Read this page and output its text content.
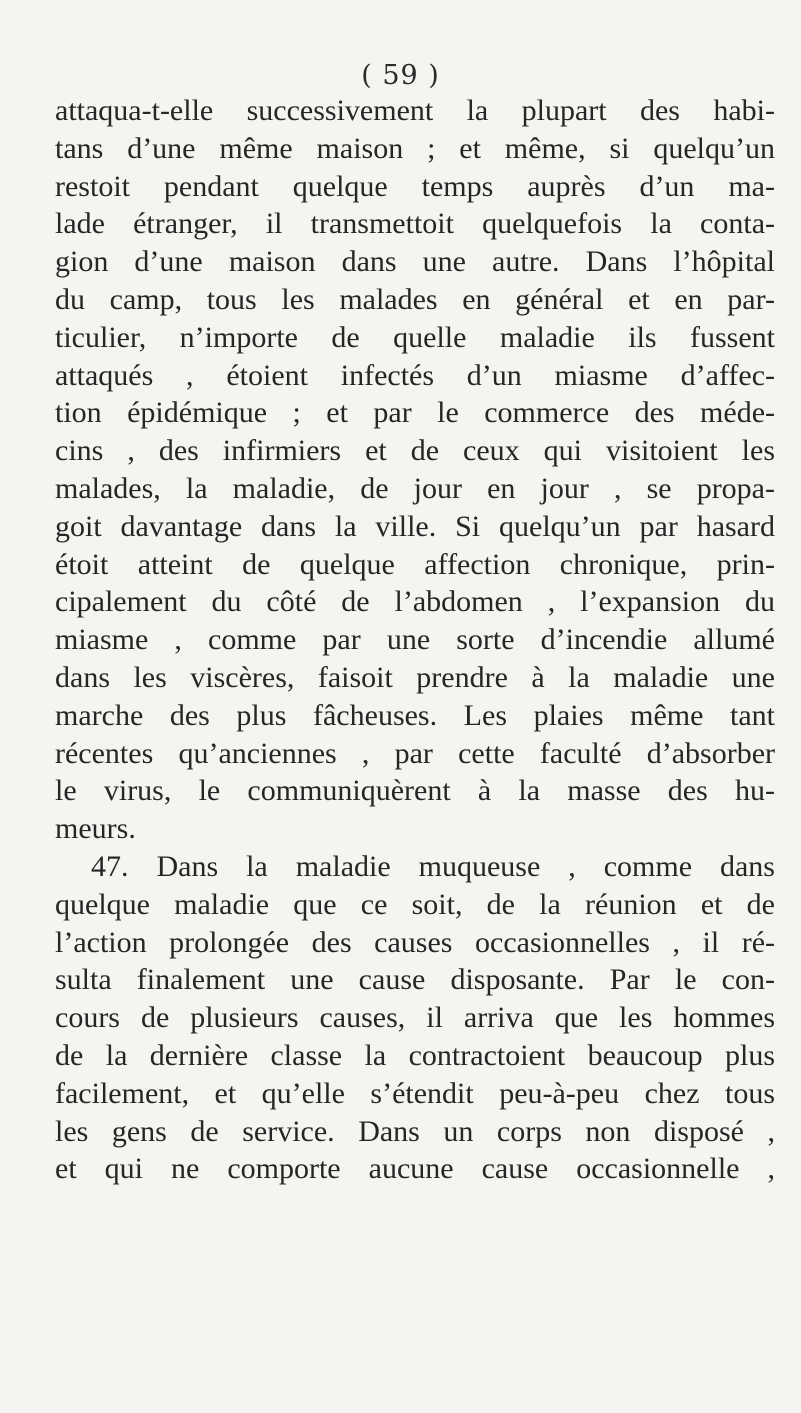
( 59 )
attaqua-t-elle successivement la plupart des habi-
tans d’une même maison ; et même, si quelqu’un
restoit pendant quelque temps auprès d’un ma-
lade étranger, il transmettoit quelquefois la conta-
gion d’une maison dans une autre. Dans l’hôpital
du camp, tous les malades en général et en par-
ticulier, n’importe de quelle maladie ils fussent
attaqués , étoient infectés d’un miasme d’affec-
tion épidémique ; et par le commerce des méde-
cins , des infirmiers et de ceux qui visitoient les
malades, la maladie, de jour en jour , se propa-
goit davantage dans la ville. Si quelqu’un par hasard
étoit atteint de quelque affection chronique, prin-
cipalement du côté de l’abdomen , l’expansion du
miasme , comme par une sorte d’incendie allumé
dans les viscères, faisoit prendre à la maladie une
marche des plus fâcheuses. Les plaies même tant
récentes qu’anciennes , par cette faculté d’absorber
le virus, le communiquèrent à la masse des hu-
meurs.
47. Dans la maladie muqueuse , comme dans
quelque maladie que ce soit, de la réunion et de
l’action prolongée des causes occasionnelles , il ré-
sulta finalement une cause disposante. Par le con-
cours de plusieurs causes, il arriva que les hommes
de la dernière classe la contractoient beaucoup plus
facilement, et qu’elle s’étendit peu-à-peu chez tous
les gens de service. Dans un corps non disposé ,
et qui ne comporte aucune cause occasionnelle ,
